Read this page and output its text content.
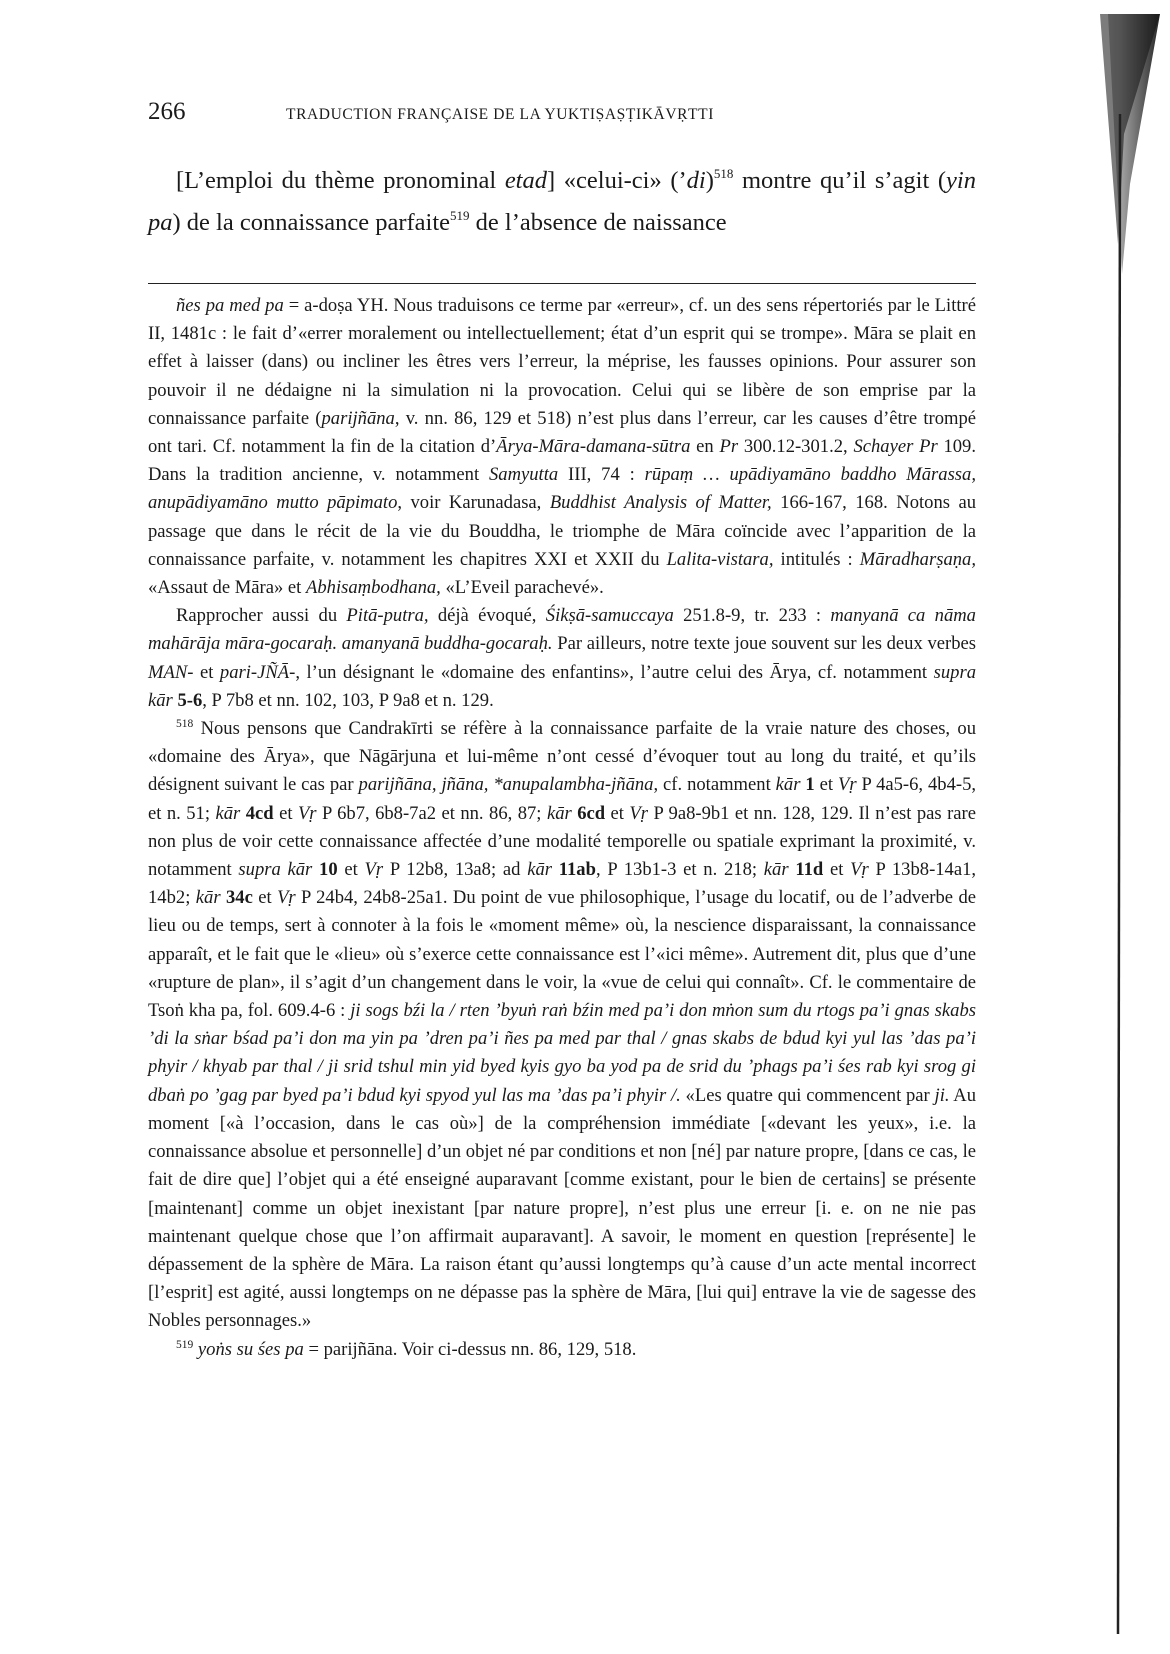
266	TRADUCTION FRANÇAISE DE LA YUKTIṢAṢṬIKĀVṚTTI

[L’emploi du thème pronominal etad] «celui-ci» (’di)$^{518}$ montre qu’il s’agit (yin pa) de la connaissance parfaite$^{519}$ de l’absence de naissance

ñes pa med pa = a-doṣa YH. Nous traduisons ce terme par «erreur», cf. un des sens répertoriés par le Littré II, 1481c : le fait d’«errer moralement ou intellectuellement; état d’un esprit qui se trompe». Māra se plait en effet à laisser (dans) ou incliner les êtres vers l’erreur, la méprise, les fausses opinions. Pour assurer son pouvoir il ne dédaigne ni la simulation ni la provocation. Celui qui se libère de son emprise par la connaissance parfaite (parijñāna, v. nn. 86, 129 et 518) n’est plus dans l’erreur, car les causes d’être trompé ont tari. Cf. notamment la fin de la citation d’Ārya-Māra-damana-sūtra en Pr 300.12-301.2, Schayer Pr 109. Dans la tradition ancienne, v. notamment Samyutta III, 74 : rūpaṃ … upādiyamāno baddho Mārassa, anupādiyamāno mutto pāpimato, voir Karunadasa, Buddhist Analysis of Matter, 166-167, 168. Notons au passage que dans le récit de la vie du Bouddha, le triomphe de Māra coïncide avec l’apparition de la connaissance parfaite, v. notamment les chapitres XXI et XXII du Lalita-vistara, intitulés : Māradharṣaṇa, «Assaut de Māra» et Abhisaṃbodhana, «L’Eveil parachevé».

Rapprocher aussi du Pitā-putra, déjà évoqué, Śikṣā-samuccaya 251.8-9, tr. 233 : manyanā ca nāma mahārāja māra-gocaraḥ. amanyanā buddha-gocaraḥ. Par ailleurs, notre texte joue souvent sur les deux verbes MAN- et pari-JÑĀ-, l’un désignant le «domaine des enfantins», l’autre celui des Ārya, cf. notamment supra kār 5-6, P 7b8 et nn. 102, 103, P 9a8 et n. 129.

$^{518}$ Nous pensons que Candrakīrti se réfère à la connaissance parfaite de la vraie nature des choses, ou «domaine des Ārya», que Nāgārjuna et lui-même n’ont cessé d’évoquer tout au long du traité, et qu’ils désignent suivant le cas par parijñāna, jñāna, *anupalambha-jñāna, cf. notamment kār 1 et Vṛ P 4a5-6, 4b4-5, et n. 51; kār 4cd et Vṛ P 6b7, 6b8-7a2 et nn. 86, 87; kār 6cd et Vṛ P 9a8-9b1 et nn. 128, 129. Il n’est pas rare non plus de voir cette connaissance affectée d’une modalité temporelle ou spatiale exprimant la proximité, v. notamment supra kār 10 et Vṛ P 12b8, 13a8; ad kār 11ab, P 13b1-3 et n. 218; kār 11d et Vṛ P 13b8-14a1, 14b2; kār 34c et Vṛ P 24b4, 24b8-25a1. Du point de vue philosophique, l’usage du locatif, ou de l’adverbe de lieu ou de temps, sert à connoter à la fois le «moment même» où, la nescience disparaissant, la connaissance apparaît, et le fait que le «lieu» où s’exerce cette connaissance est l’«ici même». Autrement dit, plus que d’une «rupture de plan», il s’agit d’un changement dans le voir, la «vue de celui qui connaît». Cf. le commentaire de Tsoṅ kha pa, fol. 609.4-6 : ji sogs bźi la / rten ’byuṅ raṅ bźin med pa’i don mṅon sum du rtogs pa’i gnas skabs ’di la sṅar bśad pa’i don ma yin pa ’dren pa’i ñes pa med par thal / gnas skabs de bdud kyi yul las ’das pa’i phyir / khyab par thal / ji srid tshul min yid byed kyis gyo ba yod pa de srid du ’phags pa’i śes rab kyi srog gi dbaṅ po ’gag par byed pa’i bdud kyi spyod yul las ma ’das pa’i phyir /. «Les quatre qui commencent par ji. Au moment [«à l’occasion, dans le cas où»] de la compréhension immédiate [«devant les yeux», i.e. la connaissance absolue et personnelle] d’un objet né par conditions et non [né] par nature propre, [dans ce cas, le fait de dire que] l’objet qui a été enseigné auparavant [comme existant, pour le bien de certains] se présente [maintenant] comme un objet inexistant [par nature propre], n’est plus une erreur [i. e. on ne nie pas maintenant quelque chose que l’on affirmait auparavant]. A savoir, le moment en question [représente] le dépassement de la sphère de Māra. La raison étant qu’aussi longtemps qu’à cause d’un acte mental incorrect [l’esprit] est agité, aussi longtemps on ne dépasse pas la sphère de Māra, [lui qui] entrave la vie de sagesse des Nobles personnages.»

$^{519}$ yoṅs su śes pa = parijñāna. Voir ci-dessus nn. 86, 129, 518.
